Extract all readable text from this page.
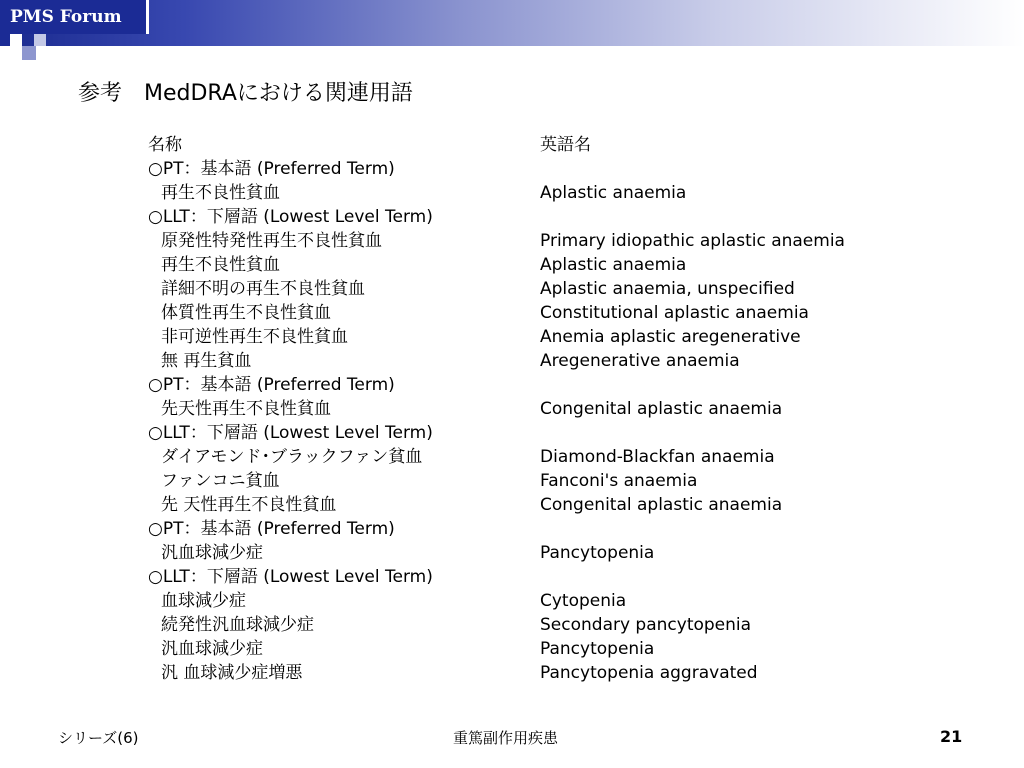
PMS Forum
参考　MedDRAにおける関連用語
名称	英語名
○PT：基本語 (Preferred Term)
再生不良性貧血	Aplastic anaemia
○LLT：下層語 (Lowest Level Term)
原発性特発性再生不良性貧血	Primary idiopathic aplastic anaemia
再生不良性貧血	Aplastic anaemia
詳細不明の再生不良性貧血	Aplastic anaemia, unspecified
体質性再生不良性貧血	Constitutional aplastic anaemia
非可逆性再生不良性貧血	Anemia aplastic aregenerative
無 再生貧血	Aregenerative anaemia
○PT：基本語 (Preferred Term)
先天性再生不良性貧血	Congenital aplastic anaemia
○LLT：下層語 (Lowest Level Term)
ダイアモンド･ブラックファン貧血	Diamond-Blackfan anaemia
ファンコニ貧血	Fanconi's anaemia
先 天性再生不良性貧血	Congenital aplastic anaemia
○PT：基本語 (Preferred Term)
汎血球減少症	Pancytopenia
○LLT：下層語 (Lowest Level Term)
血球減少症	Cytopenia
続発性汎血球減少症	Secondary pancytopenia
汎血球減少症	Pancytopenia
汎 血球減少症増悪	Pancytopenia aggravated
シリーズ(6)	重篤副作用疾患	21
